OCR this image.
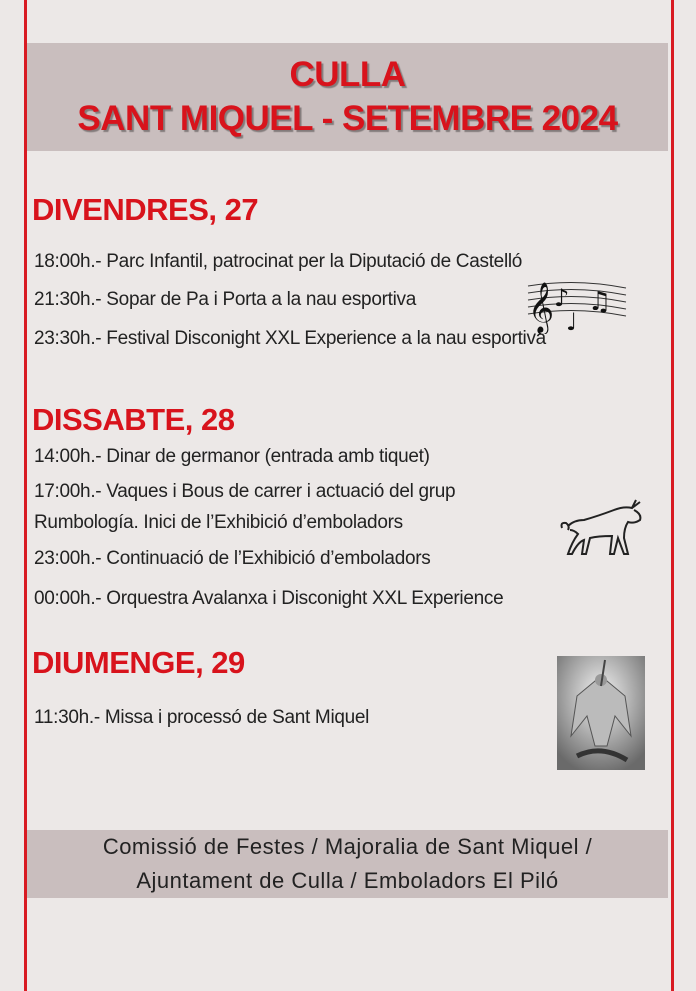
CULLA
SANT MIQUEL - SETEMBRE 2024
DIVENDRES, 27
18:00h.- Parc Infantil, patrocinat per la Diputació de Castelló
21:30h.- Sopar de Pa i Porta a la nau esportiva
23:30h.- Festival Disconight XXL Experience a la nau esportiva
𝄞 ♪
♩
♫
DISSABTE, 28
14:00h.- Dinar de germanor (entrada amb tiquet)
17:00h.- Vaques i Bous de carrer i actuació del grup
Rumbología. Inici de l’Exhibició d’emboladors
23:00h.- Continuació de l’Exhibició d’emboladors
00:00h.- Orquestra Avalanxa i Disconight XXL Experience
DIUMENGE, 29
11:30h.- Missa i processó de Sant Miquel
Comissió de Festes / Majoralia de Sant Miquel /
Ajuntament de Culla / Emboladors El Piló
